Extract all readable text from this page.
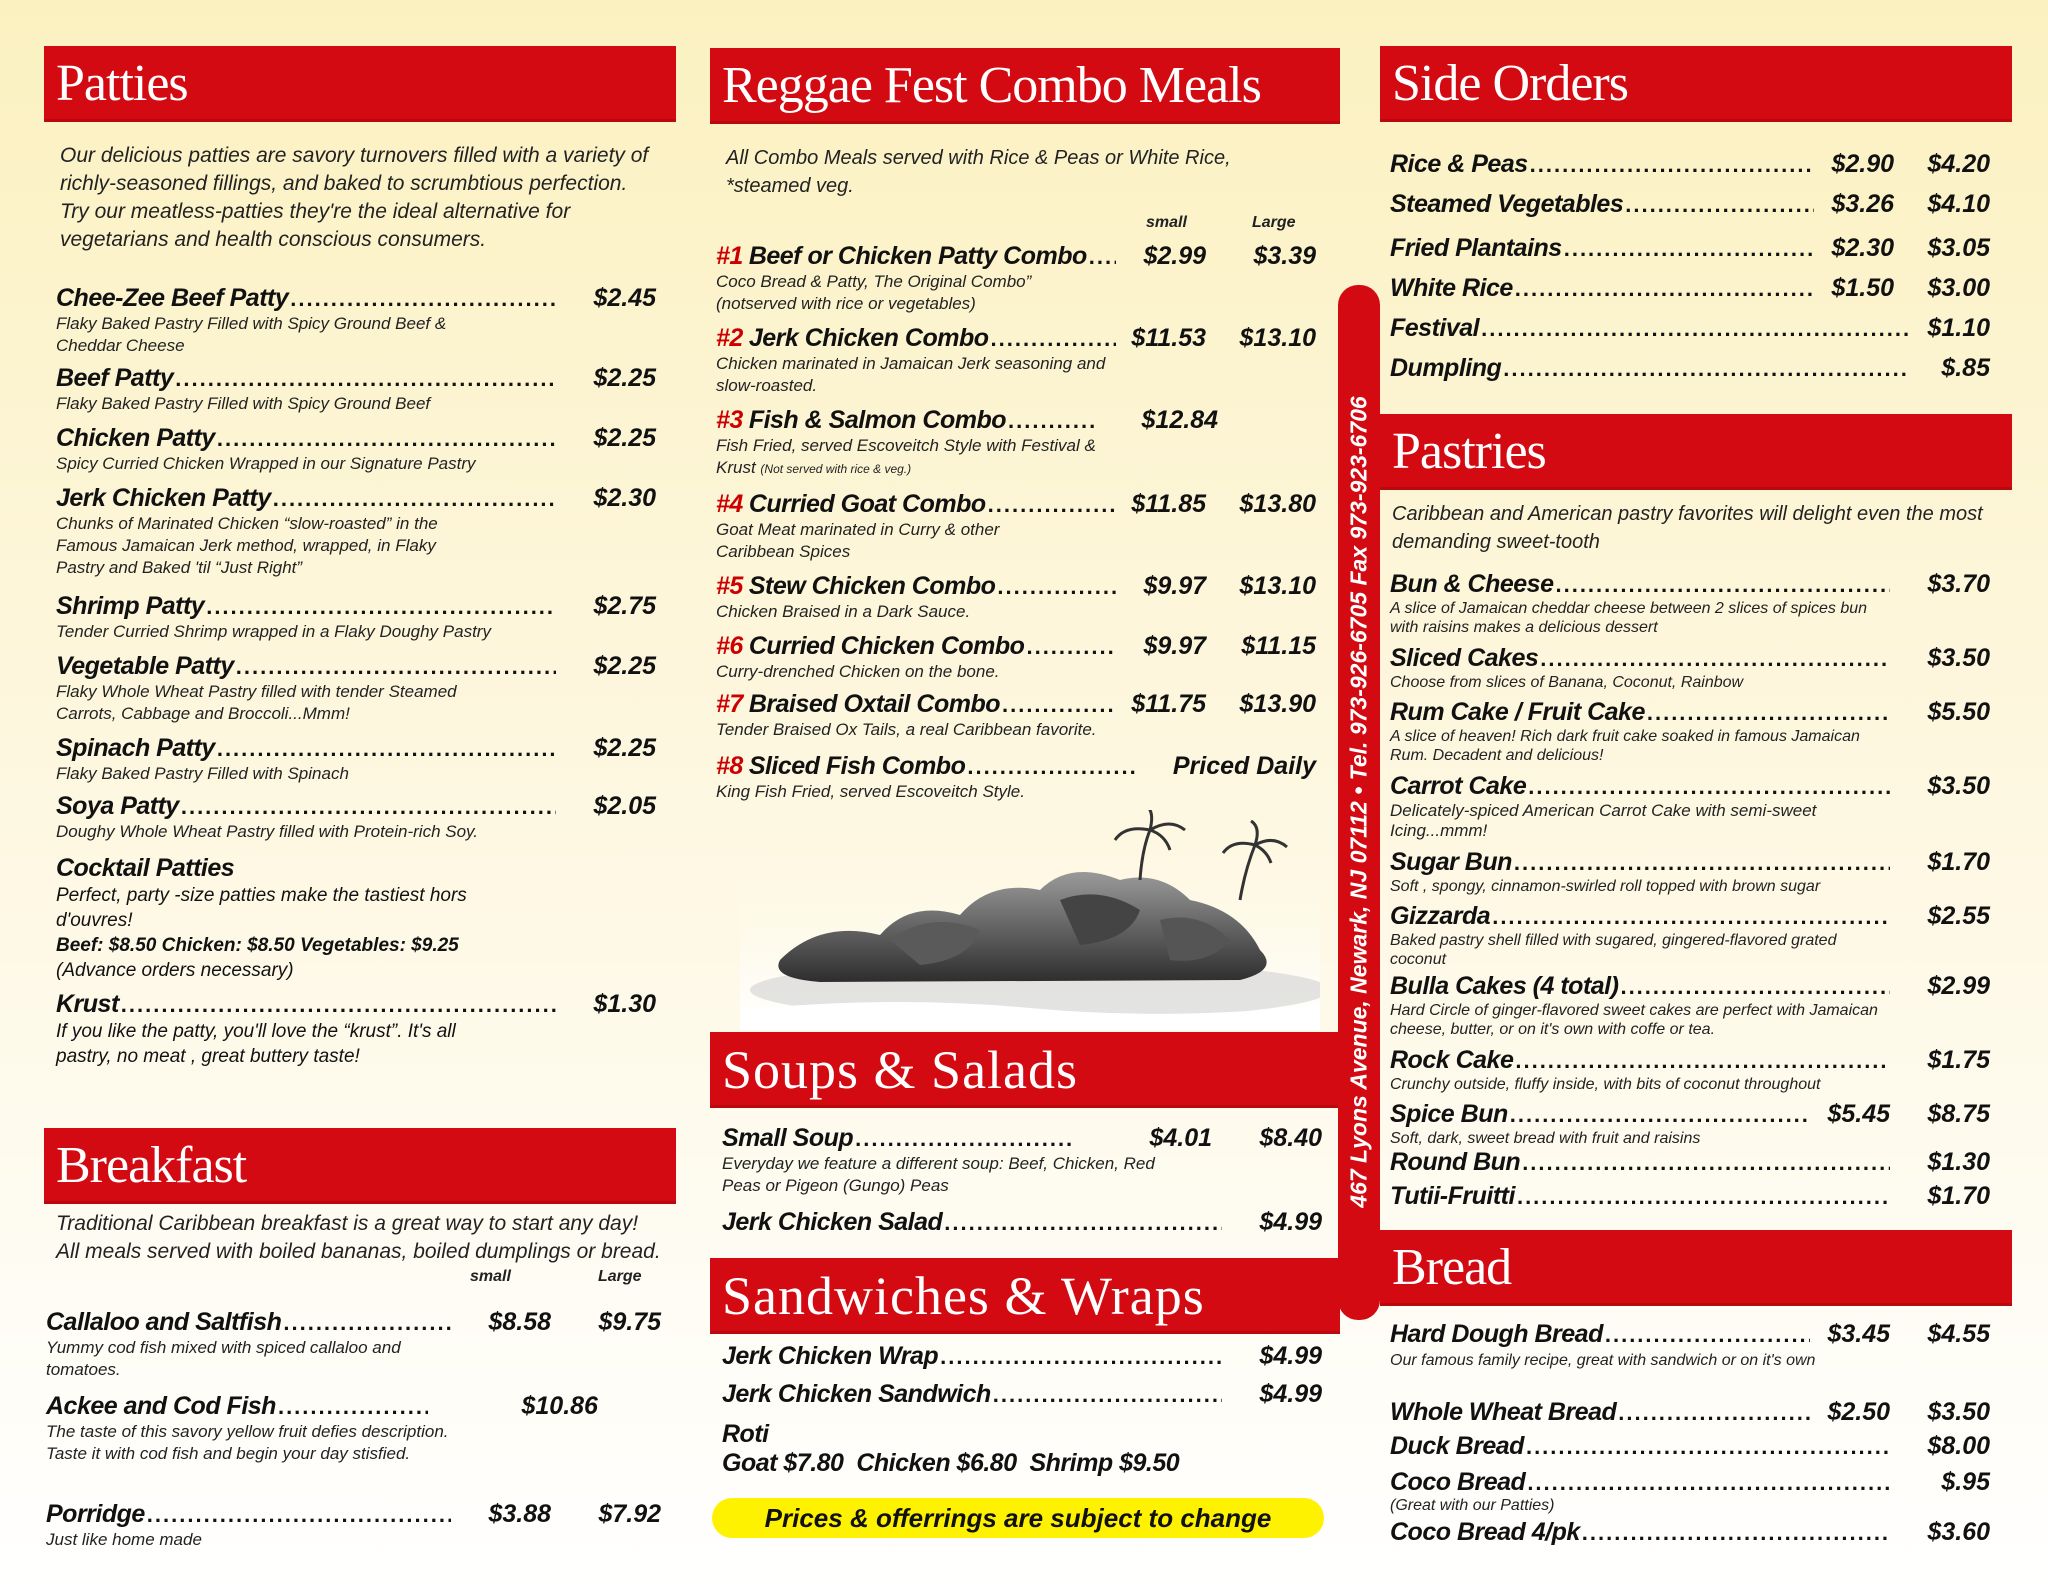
Patties
Our delicious patties are savory turnovers filled with a variety of richly-seasoned fillings, and baked to scrumbtious perfection. Try our meatless-patties they're the ideal alternative for vegetarians and health conscious consumers.
Chee-Zee Beef Patty .....	$2.45
Flaky Baked Pastry Filled with Spicy Ground Beef & Cheddar Cheese
Beef Patty .....	$2.25
Flaky Baked Pastry Filled with Spicy Ground Beef
Chicken Patty .....	$2.25
Spicy Curried Chicken Wrapped in our Signature Pastry
Jerk Chicken Patty .....	$2.30
Chunks of Marinated Chicken “slow-roasted” in the Famous Jamaican Jerk method, wrapped, in Flaky Pastry and Baked 'til “Just Right”
Shrimp Patty .....	$2.75
Tender Curried Shrimp wrapped in a Flaky Doughy Pastry
Vegetable Patty .....	$2.25
Flaky Whole Wheat Pastry filled with tender Steamed Carrots, Cabbage and Broccoli...Mmm!
Spinach Patty .....	$2.25
Flaky Baked Pastry Filled with Spinach
Soya Patty .....	$2.05
Doughy Whole Wheat Pastry filled with Protein-rich Soy.
Cocktail Patties
Perfect, party -size patties make the tastiest hors d'ouvres!
Beef: $8.50 Chicken: $8.50 Vegetables: $9.25
(Advance orders necessary)
Krust .....	$1.30
If you like the patty, you'll love the “krust”. It's all pastry, no meat , great buttery taste!
Breakfast
Traditional Caribbean breakfast is a great way to start any day! All meals served with boiled bananas, boiled dumplings or bread.
small	Large
Callaloo and Saltfish .....	$8.58	$9.75
Yummy cod fish mixed with spiced callaloo and tomatoes.
Ackee and Cod Fish .....	$10.86
The taste of this savory yellow fruit defies description. Taste it with cod fish and begin your day stisfied.
Porridge .....	$3.88	$7.92
Just like home made
Reggae Fest Combo Meals
All Combo Meals served with Rice & Peas or White Rice, *steamed veg.
small	Large
#1 Beef or Chicken Patty Combo .....	$2.99	$3.39
Coco Bread & Patty, The Original Combo” (notserved with rice or vegetables)
#2 Jerk Chicken Combo .....	$11.53	$13.10
Chicken marinated in Jamaican Jerk seasoning and slow-roasted.
#3 Fish & Salmon Combo .....	$12.84
Fish Fried, served Escoveitch Style with Festival & Krust (Not served with rice & veg.)
#4 Curried Goat Combo .....	$11.85	$13.80
Goat Meat marinated in Curry & other Caribbean Spices
#5 Stew Chicken Combo .....	$9.97	$13.10
Chicken Braised in a Dark Sauce.
#6 Curried Chicken Combo .....	$9.97	$11.15
Curry-drenched Chicken on the bone.
#7 Braised Oxtail Combo .....	$11.75	$13.90
Tender Braised Ox Tails, a real Caribbean favorite.
#8 Sliced Fish Combo .....	Priced Daily
King Fish Fried, served Escoveitch Style.
Soups & Salads
Small Soup .....	$4.01	$8.40
Everyday we feature a different soup: Beef, Chicken, Red Peas or Pigeon (Gungo) Peas
Jerk Chicken Salad .....	$4.99
Sandwiches & Wraps
Jerk Chicken Wrap .....	$4.99
Jerk Chicken Sandwich .....	$4.99
Roti
Goat $7.80  Chicken $6.80  Shrimp $9.50
Prices & offerrings are subject to change
467 Lyons Avenue, Newark, NJ 07112 • Tel. 973-926-6705 Fax 973-923-6706
Side Orders
Rice & Peas .....	$2.90	$4.20
Steamed Vegetables .....	$3.26	$4.10
Fried Plantains .....	$2.30	$3.05
White Rice .....	$1.50	$3.00
Festival .....	$1.10
Dumpling .....	$.85
Pastries
Caribbean and American pastry favorites will delight even the most demanding sweet-tooth
Bun & Cheese .....	$3.70
A slice of Jamaican cheddar cheese between 2 slices of spices bun with raisins makes a delicious dessert
Sliced Cakes .....	$3.50
Choose from slices of Banana, Coconut, Rainbow
Rum Cake / Fruit Cake .....	$5.50
A slice of heaven! Rich dark fruit cake soaked in famous Jamaican Rum. Decadent and delicious!
Carrot Cake .....	$3.50
Delicately-spiced American Carrot Cake with semi-sweet Icing...mmm!
Sugar Bun .....	$1.70
Soft , spongy, cinnamon-swirled roll topped with brown sugar
Gizzarda .....	$2.55
Baked pastry shell filled with sugared, gingered-flavored grated coconut
Bulla Cakes (4 total) .....	$2.99
Hard Circle of ginger-flavored sweet cakes are perfect with Jamaican cheese, butter, or on it's own with coffe or tea.
Rock Cake .....	$1.75
Crunchy outside, fluffy inside, with bits of coconut throughout
Spice Bun .....	$5.45	$8.75
Soft, dark, sweet bread with fruit and raisins
Round Bun .....	$1.30
Tutii-Fruitti .....	$1.70
Bread
Hard Dough Bread .....	$3.45	$4.55
Our famous family recipe, great with sandwich or on it's own
Whole Wheat Bread .....	$2.50	$3.50
Duck Bread .....	$8.00
Coco Bread .....	$.95
(Great with our Patties)
Coco Bread 4/pk .....	$3.60
